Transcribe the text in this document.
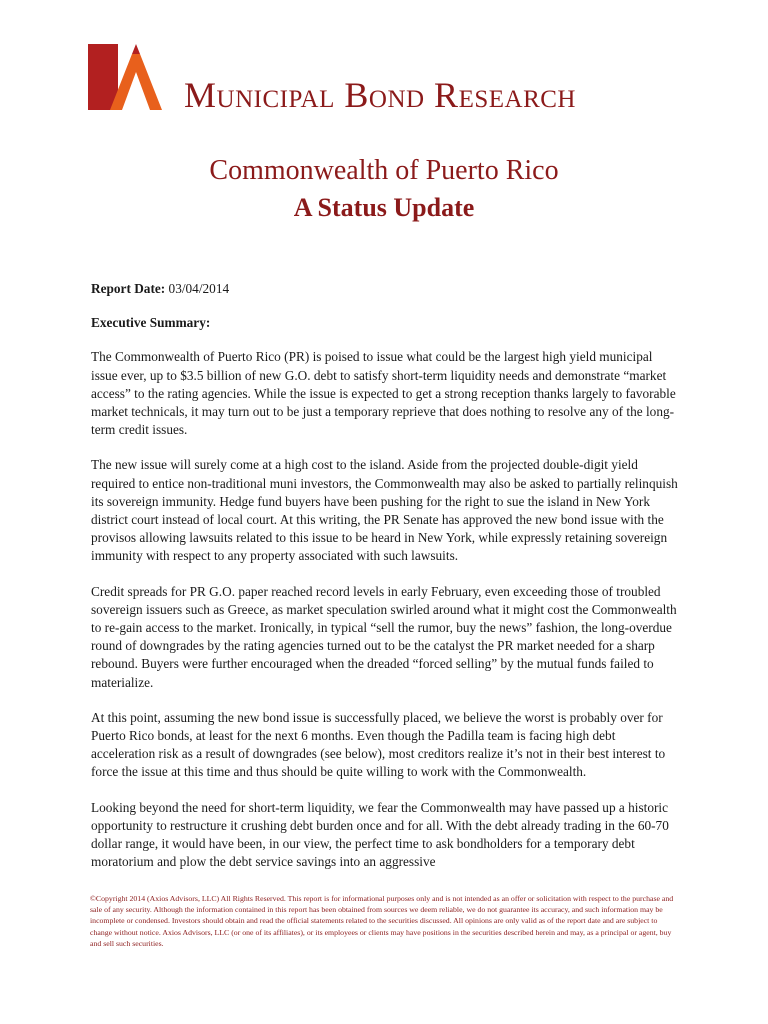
Municipal Bond Research
Commonwealth of Puerto Rico
A Status Update

Report Date: 03/04/2014

Executive Summary:

The Commonwealth of Puerto Rico (PR) is poised to issue what could be the largest high yield municipal issue ever, up to $3.5 billion of new G.O. debt to satisfy short-term liquidity needs and demonstrate “market access” to the rating agencies. While the issue is expected to get a strong reception thanks largely to favorable market technicals, it may turn out to be just a temporary reprieve that does nothing to resolve any of the long-term credit issues.

The new issue will surely come at a high cost to the island. Aside from the projected double-digit yield required to entice non-traditional muni investors, the Commonwealth may also be asked to partially relinquish its sovereign immunity. Hedge fund buyers have been pushing for the right to sue the island in New York district court instead of local court. At this writing, the PR Senate has approved the new bond issue with the provisos allowing lawsuits related to this issue to be heard in New York, while expressly retaining sovereign immunity with respect to any property associated with such lawsuits.

Credit spreads for PR G.O. paper reached record levels in early February, even exceeding those of troubled sovereign issuers such as Greece, as market speculation swirled around what it might cost the Commonwealth to re-gain access to the market. Ironically, in typical “sell the rumor, buy the news” fashion, the long-overdue round of downgrades by the rating agencies turned out to be the catalyst the PR market needed for a sharp rebound. Buyers were further encouraged when the dreaded “forced selling” by the mutual funds failed to materialize.

At this point, assuming the new bond issue is successfully placed, we believe the worst is probably over for Puerto Rico bonds, at least for the next 6 months. Even though the Padilla team is facing high debt acceleration risk as a result of downgrades (see below), most creditors realize it’s not in their best interest to force the issue at this time and thus should be quite willing to work with the Commonwealth.

Looking beyond the need for short-term liquidity, we fear the Commonwealth may have passed up a historic opportunity to restructure it crushing debt burden once and for all. With the debt already trading in the 60-70 dollar range, it would have been, in our view, the perfect time to ask bondholders for a temporary debt moratorium and plow the debt service savings into an aggressive

©Copyright 2014 (Axios Advisors, LLC) All Rights Reserved. This report is for informational purposes only and is not intended as an offer or solicitation with respect to the purchase and sale of any security. Although the information contained in this report has been obtained from sources we deem reliable, we do not guarantee its accuracy, and such information may be incomplete or condensed. Investors should obtain and read the official statements related to the securities discussed. All opinions are only valid as of the report date and are subject to change without notice. Axios Advisors, LLC (or one of its affiliates), or its employees or clients may have positions in the securities described herein and may, as a principal or agent, buy and sell such securities.
